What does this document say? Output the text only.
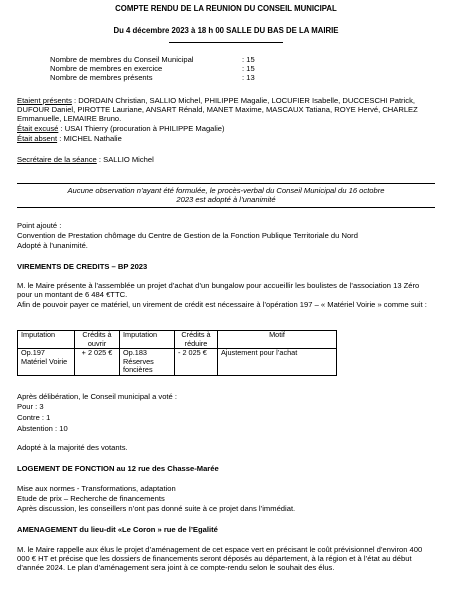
COMPTE RENDU DE LA REUNION DU CONSEIL MUNICIPAL
Du 4 décembre 2023 à 18 h 00 SALLE DU BAS DE LA MAIRIE
Nombre de membres du Conseil Municipal	: 15
Nombre de membres en exercice	: 15
Nombre de membres présents	: 13
Etaient présents : DORDAIN Christian, SALLIO Michel, PHILIPPE Magalie, LOCUFIER Isabelle, DUCCESCHI Patrick, DUFOUR Daniel, PIROTTE Lauriane, ANSART Rénald, MANET Maxime, MASCAUX Tatiana, ROYE Hervé, CHARLEZ Emmanuelle, LEMAIRE Bruno.
Était excusé : USAI Thierry (procuration à PHILIPPE Magalie)
Était absent : MICHEL Nathalie
Secrétaire de la séance : SALLIO Michel
Aucune observation n’ayant été formulée, le procès-verbal du Conseil Municipal du 16 octobre 2023 est adopté à l’unanimité
Point ajouté :
Convention de Prestation chômage du Centre de Gestion de la Fonction Publique Territoriale du Nord
Adopté à l’unanimité.
VIREMENTS DE CREDITS – BP 2023
M. le Maire présente à l’assemblée un projet d’achat d’un bungalow pour accueillir les boulistes de l’association 13 Zéro pour un montant de 6 484 €TTC.
Afin de pouvoir payer ce matériel, un virement de crédit est nécessaire à l’opération 197 – « Matériel Voirie » comme suit :
Imputation	Crédits à ouvrir	Imputation	Crédits à réduire	Motif
Op.197 Matériel Voirie	+ 2 025 €	Op.183 Réserves foncières	- 2 025 €	Ajustement pour l’achat
Après délibération, le Conseil municipal a voté :
Pour : 3
Contre : 1
Abstention : 10
Adopté à la majorité des votants.
LOGEMENT DE FONCTION au 12 rue des Chasse-Marée
Mise aux normes - Transformations, adaptation
Etude de prix – Recherche de financements
Après discussion, les conseillers n’ont pas donné suite à ce projet dans l’immédiat.
AMENAGEMENT du lieu-dit «Le Coron » rue de l’Egalité
M. le Maire rappelle aux élus le projet d’aménagement de cet espace vert en précisant le coût prévisionnel d’environ 400 000 € HT et précise que les dossiers de financements seront déposés au département, à la région et à l’état au début d’année 2024. Le plan d’aménagement sera joint à ce compte-rendu selon le souhait des élus.
